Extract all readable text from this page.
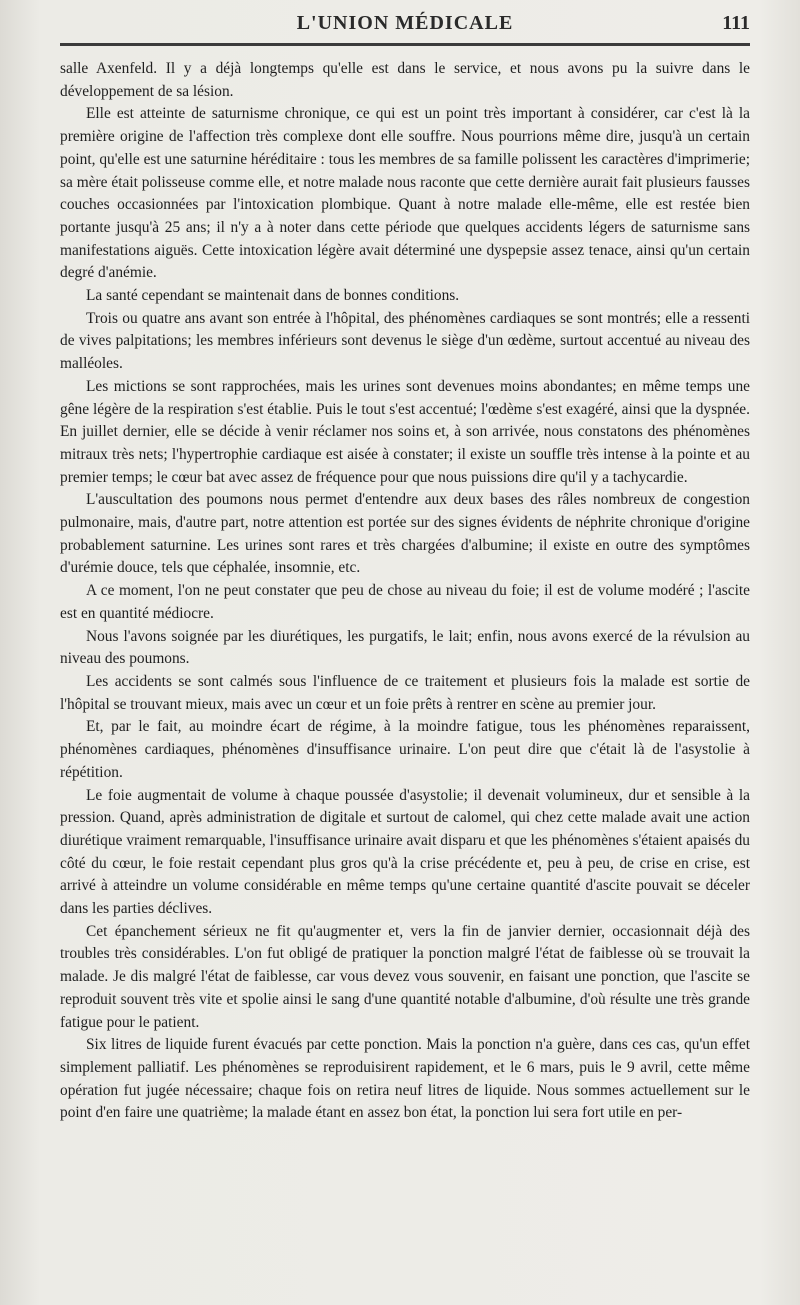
L'UNION MÉDICALE	111

salle Axenfeld. Il y a déjà longtemps qu'elle est dans le service, et nous avons pu la suivre dans le développement de sa lésion.

Elle est atteinte de saturnisme chronique, ce qui est un point très important à considérer, car c'est là la première origine de l'affection très complexe dont elle souffre. Nous pourrions même dire, jusqu'à un certain point, qu'elle est une saturnine héréditaire : tous les membres de sa famille polissent les caractères d'imprimerie; sa mère était polisseuse comme elle, et notre malade nous raconte que cette dernière aurait fait plusieurs fausses couches occasionnées par l'intoxication plombique. Quant à notre malade elle-même, elle est restée bien portante jusqu'à 25 ans; il n'y a à noter dans cette période que quelques accidents légers de saturnisme sans manifestations aiguës. Cette intoxication légère avait déterminé une dyspepsie assez tenace, ainsi qu'un certain degré d'anémie.

La santé cependant se maintenait dans de bonnes conditions.

Trois ou quatre ans avant son entrée à l'hôpital, des phénomènes cardiaques se sont montrés; elle a ressenti de vives palpitations; les membres inférieurs sont devenus le siège d'un œdème, surtout accentué au niveau des malléoles.

Les mictions se sont rapprochées, mais les urines sont devenues moins abondantes; en même temps une gêne légère de la respiration s'est établie. Puis le tout s'est accentué; l'œdème s'est exagéré, ainsi que la dyspnée. En juillet dernier, elle se décide à venir réclamer nos soins et, à son arrivée, nous constatons des phénomènes mitraux très nets; l'hypertrophie cardiaque est aisée à constater; il existe un souffle très intense à la pointe et au premier temps; le cœur bat avec assez de fréquence pour que nous puissions dire qu'il y a tachycardie.

L'auscultation des poumons nous permet d'entendre aux deux bases des râles nombreux de congestion pulmonaire, mais, d'autre part, notre attention est portée sur des signes évidents de néphrite chronique d'origine probablement saturnine. Les urines sont rares et très chargées d'albumine; il existe en outre des symptômes d'urémie douce, tels que céphalée, insomnie, etc.

A ce moment, l'on ne peut constater que peu de chose au niveau du foie; il est de volume modéré ; l'ascite est en quantité médiocre.

Nous l'avons soignée par les diurétiques, les purgatifs, le lait; enfin, nous avons exercé de la révulsion au niveau des poumons.

Les accidents se sont calmés sous l'influence de ce traitement et plusieurs fois la malade est sortie de l'hôpital se trouvant mieux, mais avec un cœur et un foie prêts à rentrer en scène au premier jour.

Et, par le fait, au moindre écart de régime, à la moindre fatigue, tous les phénomènes reparaissent, phénomènes cardiaques, phénomènes d'insuffisance urinaire. L'on peut dire que c'était là de l'asystolie à répétition.

Le foie augmentait de volume à chaque poussée d'asystolie; il devenait volumineux, dur et sensible à la pression. Quand, après administration de digitale et surtout de calomel, qui chez cette malade avait une action diurétique vraiment remarquable, l'insuffisance urinaire avait disparu et que les phénomènes s'étaient apaisés du côté du cœur, le foie restait cependant plus gros qu'à la crise précédente et, peu à peu, de crise en crise, est arrivé à atteindre un volume considérable en même temps qu'une certaine quantité d'ascite pouvait se déceler dans les parties déclives.

Cet épanchement sérieux ne fit qu'augmenter et, vers la fin de janvier dernier, occasionnait déjà des troubles très considérables. L'on fut obligé de pratiquer la ponction malgré l'état de faiblesse où se trouvait la malade. Je dis malgré l'état de faiblesse, car vous devez vous souvenir, en faisant une ponction, que l'ascite se reproduit souvent très vite et spolie ainsi le sang d'une quantité notable d'albumine, d'où résulte une très grande fatigue pour le patient.

Six litres de liquide furent évacués par cette ponction. Mais la ponction n'a guère, dans ces cas, qu'un effet simplement palliatif. Les phénomènes se reproduisirent rapidement, et le 6 mars, puis le 9 avril, cette même opération fut jugée nécessaire; chaque fois on retira neuf litres de liquide. Nous sommes actuellement sur le point d'en faire une quatrième; la malade étant en assez bon état, la ponction lui sera fort utile en per-
